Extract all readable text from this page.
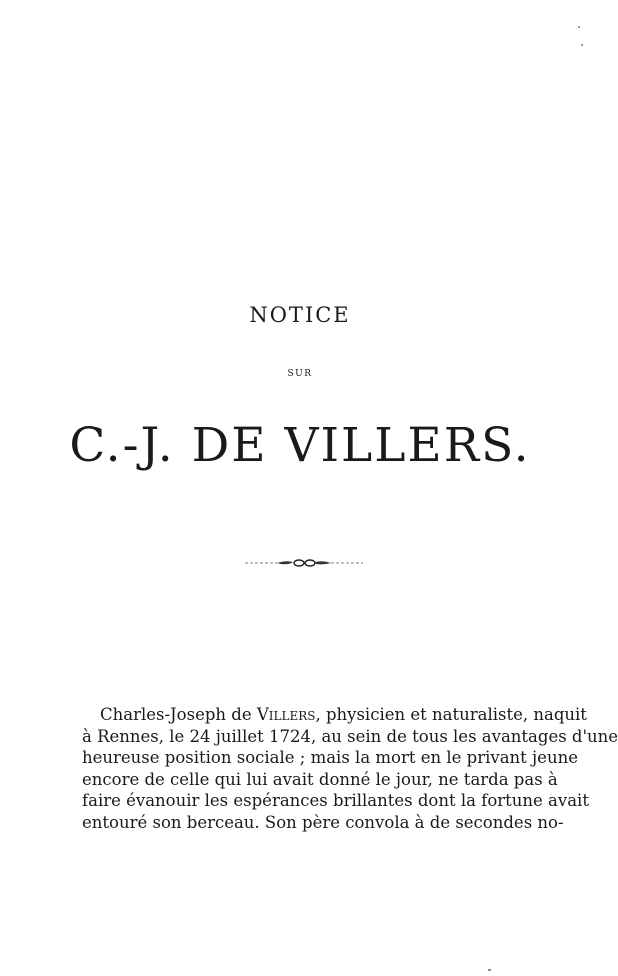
NOTICE
SUR
C.-J. DE VILLERS.
Charles-Joseph de Villers, physicien et naturaliste, naquit
à Rennes, le 24 juillet 1724, au sein de tous les avantages d'une
heureuse position sociale ; mais la mort en le privant jeune
encore de celle qui lui avait donné le jour, ne tarda pas à
faire évanouir les espérances brillantes dont la fortune avait
entouré son berceau. Son père convola à de secondes no-
